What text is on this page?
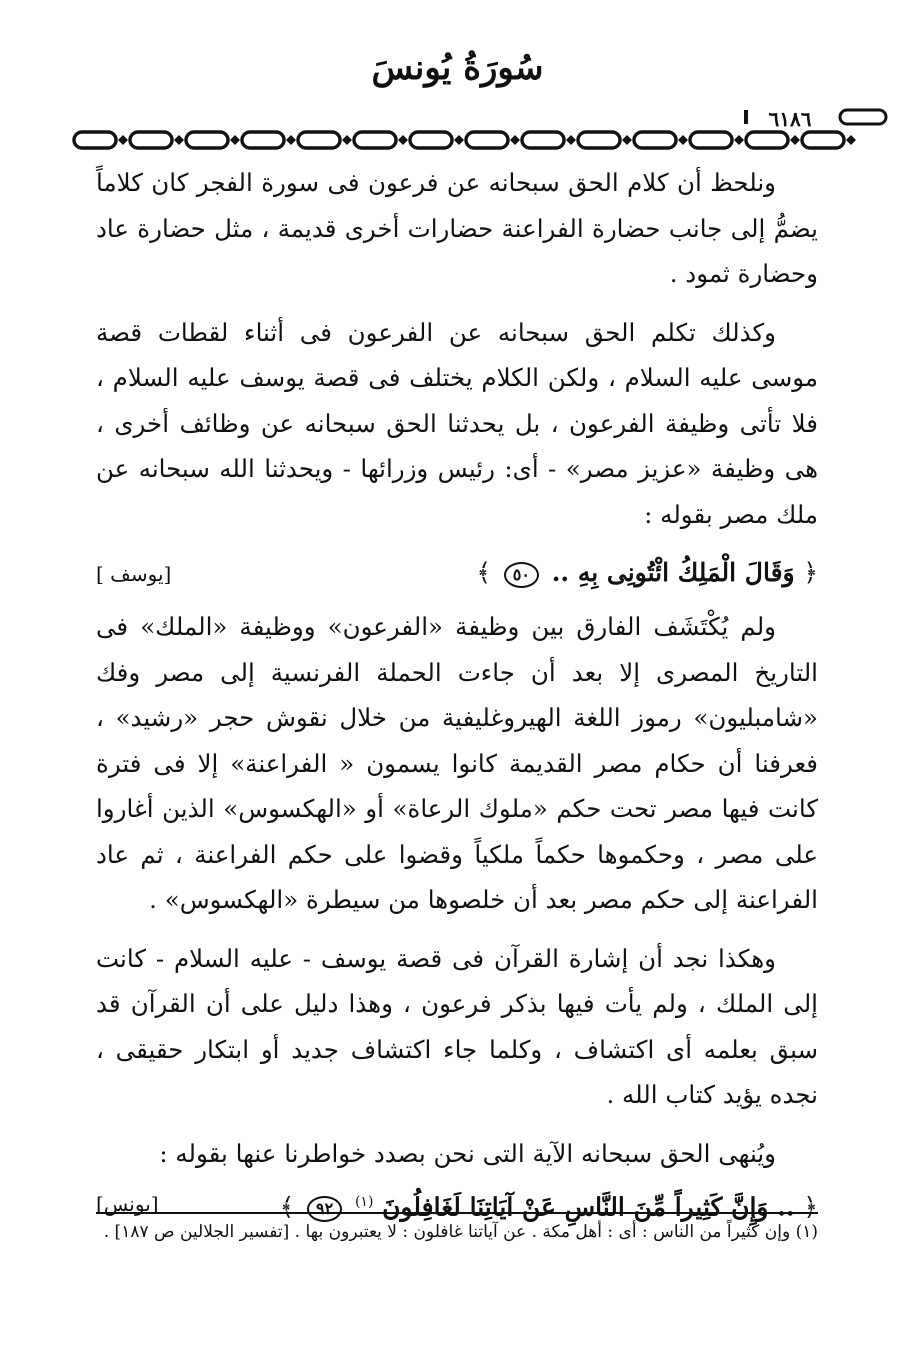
سُورَةُ يُونسَ
٦١٨٦

ونلحظ أن كلام الحق سبحانه عن فرعون فى سورة الفجر كان كلاماً يضمُّ إلى جانب حضارة الفراعنة حضارات أخرى قديمة ، مثل حضارة عاد وحضارة ثمود .

وكذلك تكلم الحق سبحانه عن الفرعون فى أثناء لقطات قصة موسى عليه السلام ، ولكن الكلام يختلف فى قصة يوسف عليه السلام ، فلا تأتى وظيفة الفرعون ، بل يحدثنا الحق سبحانه عن وظائف أخرى ، هى وظيفة «عزيز مصر» - أى: رئيس وزرائها - ويحدثنا الله سبحانه عن ملك مصر بقوله :

﴿ وَقَالَ الْمَلِكُ ائْتُونِى بِهِ .. ٥٠ ﴾
[يوسف ]

ولم يُكْتَشَف الفارق بين وظيفة «الفرعون» ووظيفة «الملك» فى التاريخ المصرى إلا بعد أن جاءت الحملة الفرنسية إلى مصر وفك «شامبليون» رموز اللغة الهيروغليفية من خلال نقوش حجر «رشيد» ، فعرفنا أن حكام مصر القديمة كانوا يسمون « الفراعنة» إلا فى فترة كانت فيها مصر تحت حكم «ملوك الرعاة» أو «الهكسوس» الذين أغاروا على مصر ، وحكموها حكماً ملكياً وقضوا على حكم الفراعنة ، ثم عاد الفراعنة إلى حكم مصر بعد أن خلصوها من سيطرة «الهكسوس» .

وهكذا نجد أن إشارة القرآن فى قصة يوسف - عليه السلام - كانت إلى الملك ، ولم يأت فيها بذكر فرعون ، وهذا دليل على أن القرآن قد سبق بعلمه أى اكتشاف ، وكلما جاء اكتشاف جديد أو ابتكار حقيقى ، نجده يؤيد كتاب الله .

ويُنهى الحق سبحانه الآية التى نحن بصدد خواطرنا عنها بقوله :

﴿ .. وَإِنَّ كَثِيراً مِّنَ النَّاسِ عَنْ آيَاتِنَا لَغَافِلُونَ $^{(١)}$ ٩٢ ﴾
[يونس]
(١) وإن كثيراً من الناس : أى : أهل مكة . عن آياتنا غافلون : لا يعتبرون بها . [تفسير الجلالين ص ١٨٧] .
